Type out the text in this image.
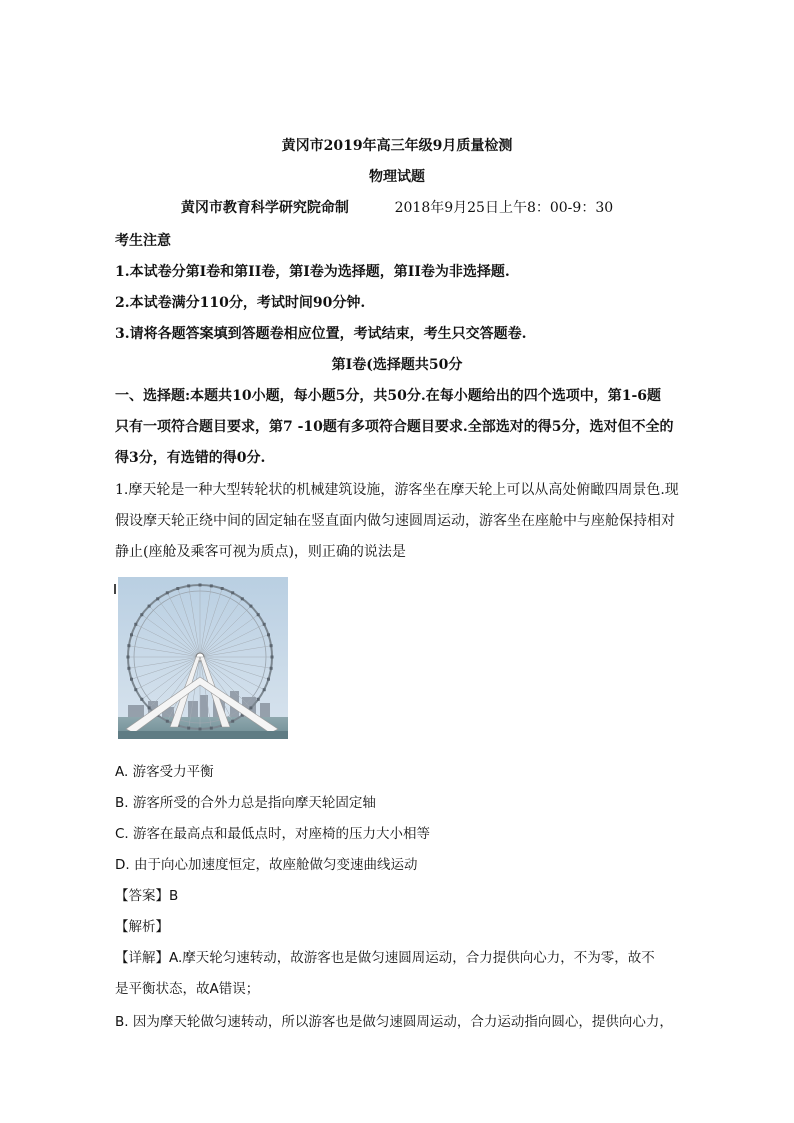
黄冈市2019年高三年级9月质量检测
物理试题
黄冈市教育科学研究院命制	2018年9月25日上午8：00-9：30
考生注意
1.本试卷分第I卷和第II卷，第I卷为选择题，第II卷为非选择题.
2.本试卷满分110分，考试时间90分钟.
3.请将各题答案填到答题卷相应位置，考试结束，考生只交答题卷.
第I卷(选择题共50分
一、选择题:本题共10小题，每小题5分，共50分.在每小题给出的四个选项中，第1-6题
只有一项符合题目要求，第7 -10题有多项符合题目要求.全部选对的得5分，选对但不全的
得3分，有选错的得0分.
1.摩天轮是一种大型转轮状的机械建筑设施，游客坐在摩天轮上可以从高处俯瞰四周景色.现
假设摩天轮正绕中间的固定轴在竖直面内做匀速圆周运动，游客坐在座舱中与座舱保持相对
静止(座舱及乘客可视为质点)，则正确的说法是
A. 游客受力平衡
B. 游客所受的合外力总是指向摩天轮固定轴
C. 游客在最高点和最低点时，对座椅的压力大小相等
D. 由于向心加速度恒定，故座舱做匀变速曲线运动
【答案】B
【解析】
【详解】A.摩天轮匀速转动，故游客也是做匀速圆周运动，合力提供向心力，不为零，故不
是平衡状态，故A错误；
B. 因为摩天轮做匀速转动，所以游客也是做匀速圆周运动，合力运动指向圆心，提供向心力，
